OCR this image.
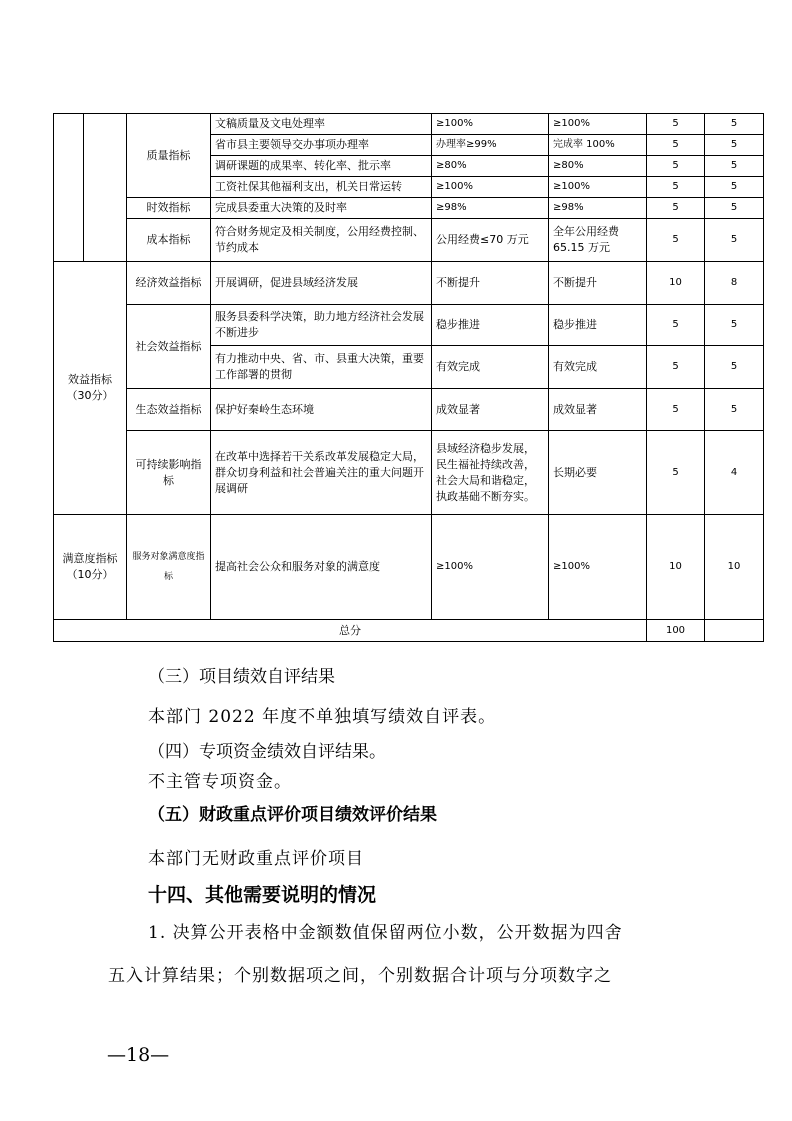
		质量指标	文稿质量及文电处理率	≥100%	≥100%	5	5
			省市县主要领导交办事项办理率	办理率≥99%	完成率 100%	5	5
			调研课题的成果率、转化率、批示率	≥80%	≥80%	5	5
			工资社保其他福利支出，机关日常运转	≥100%	≥100%	5	5
		时效指标	完成县委重大决策的及时率	≥98%	≥98%	5	5
		成本指标	符合财务规定及相关制度，公用经费控制、节约成本	公用经费≤70 万元	全年公用经费 65.15 万元	5	5
效益指标（30分）		经济效益指标	开展调研，促进县域经济发展	不断提升	不断提升	10	8
		社会效益指标	服务县委科学决策，助力地方经济社会发展不断进步	稳步推进	稳步推进	5	5
			有力推动中央、省、市、县重大决策，重要工作部署的贯彻	有效完成	有效完成	5	5
		生态效益指标	保护好秦岭生态环境	成效显著	成效显著	5	5
		可持续影响指标	在改革中选择若干关系改革发展稳定大局，群众切身利益和社会普遍关注的重大问题开展调研	县域经济稳步发展，民生福祉持续改善，社会大局和谐稳定，执政基础不断夯实。	长期必要	5	4
满意度指标（10分）		服务对象满意度指标	提高社会公众和服务对象的满意度	≥100%	≥100%	10	10
总分						100	
（三）项目绩效自评结果
本部门 2022 年度不单独填写绩效自评表。
（四）专项资金绩效自评结果。
不主管专项资金。
（五）财政重点评价项目绩效评价结果
本部门无财政重点评价项目
十四、其他需要说明的情况
1. 决算公开表格中金额数值保留两位小数，公开数据为四舍
五入计算结果；个别数据项之间，个别数据合计项与分项数字之
—18—
